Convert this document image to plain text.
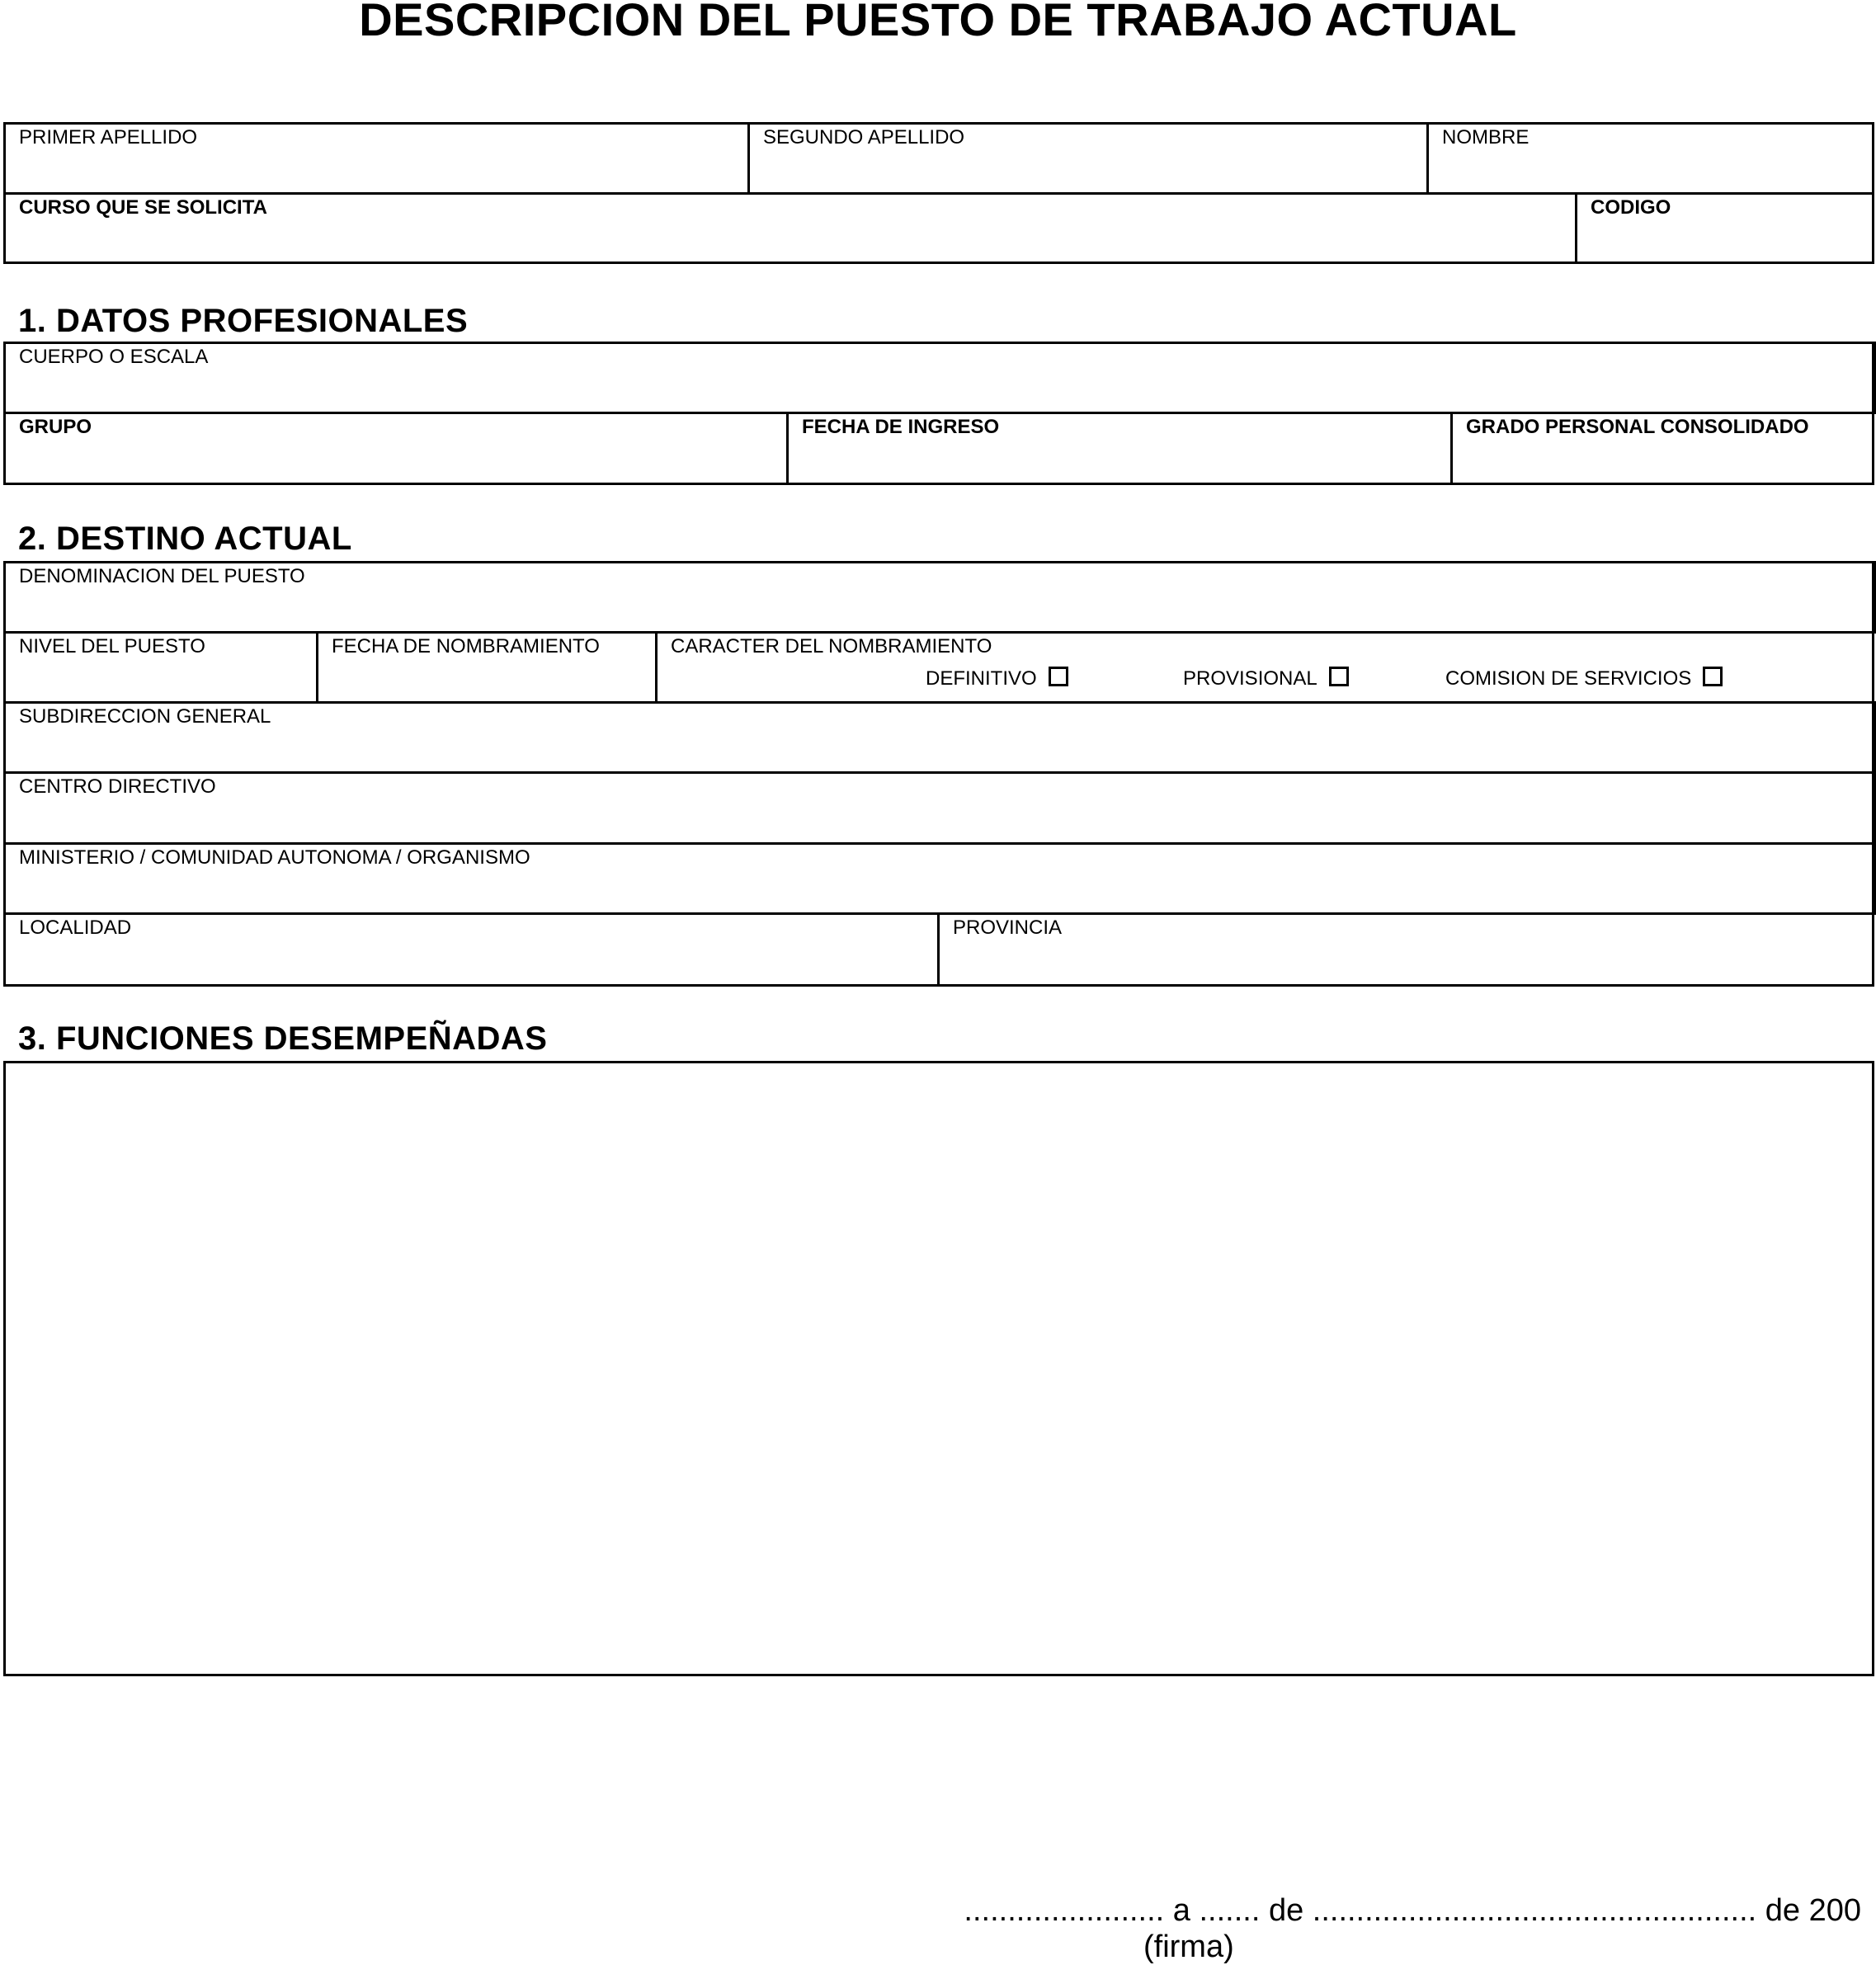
DESCRIPCION DEL PUESTO DE TRABAJO ACTUAL
PRIMER APELLIDO	SEGUNDO APELLIDO	NOMBRE
CURSO QUE SE SOLICITA	CODIGO
1. DATOS PROFESIONALES
CUERPO O ESCALA
GRUPO	FECHA DE INGRESO	GRADO PERSONAL CONSOLIDADO
2. DESTINO ACTUAL
DENOMINACION DEL PUESTO
NIVEL DEL PUESTO	FECHA DE NOMBRAMIENTO	CARACTER DEL NOMBRAMIENTO
DEFINITIVO	PROVISIONAL	COMISION DE SERVICIOS
SUBDIRECCION GENERAL
CENTRO DIRECTIVO
MINISTERIO / COMUNIDAD AUTONOMA / ORGANISMO
LOCALIDAD	PROVINCIA
3. FUNCIONES DESEMPEÑADAS
....................... a ....... de ................................................... de 200
(firma)
